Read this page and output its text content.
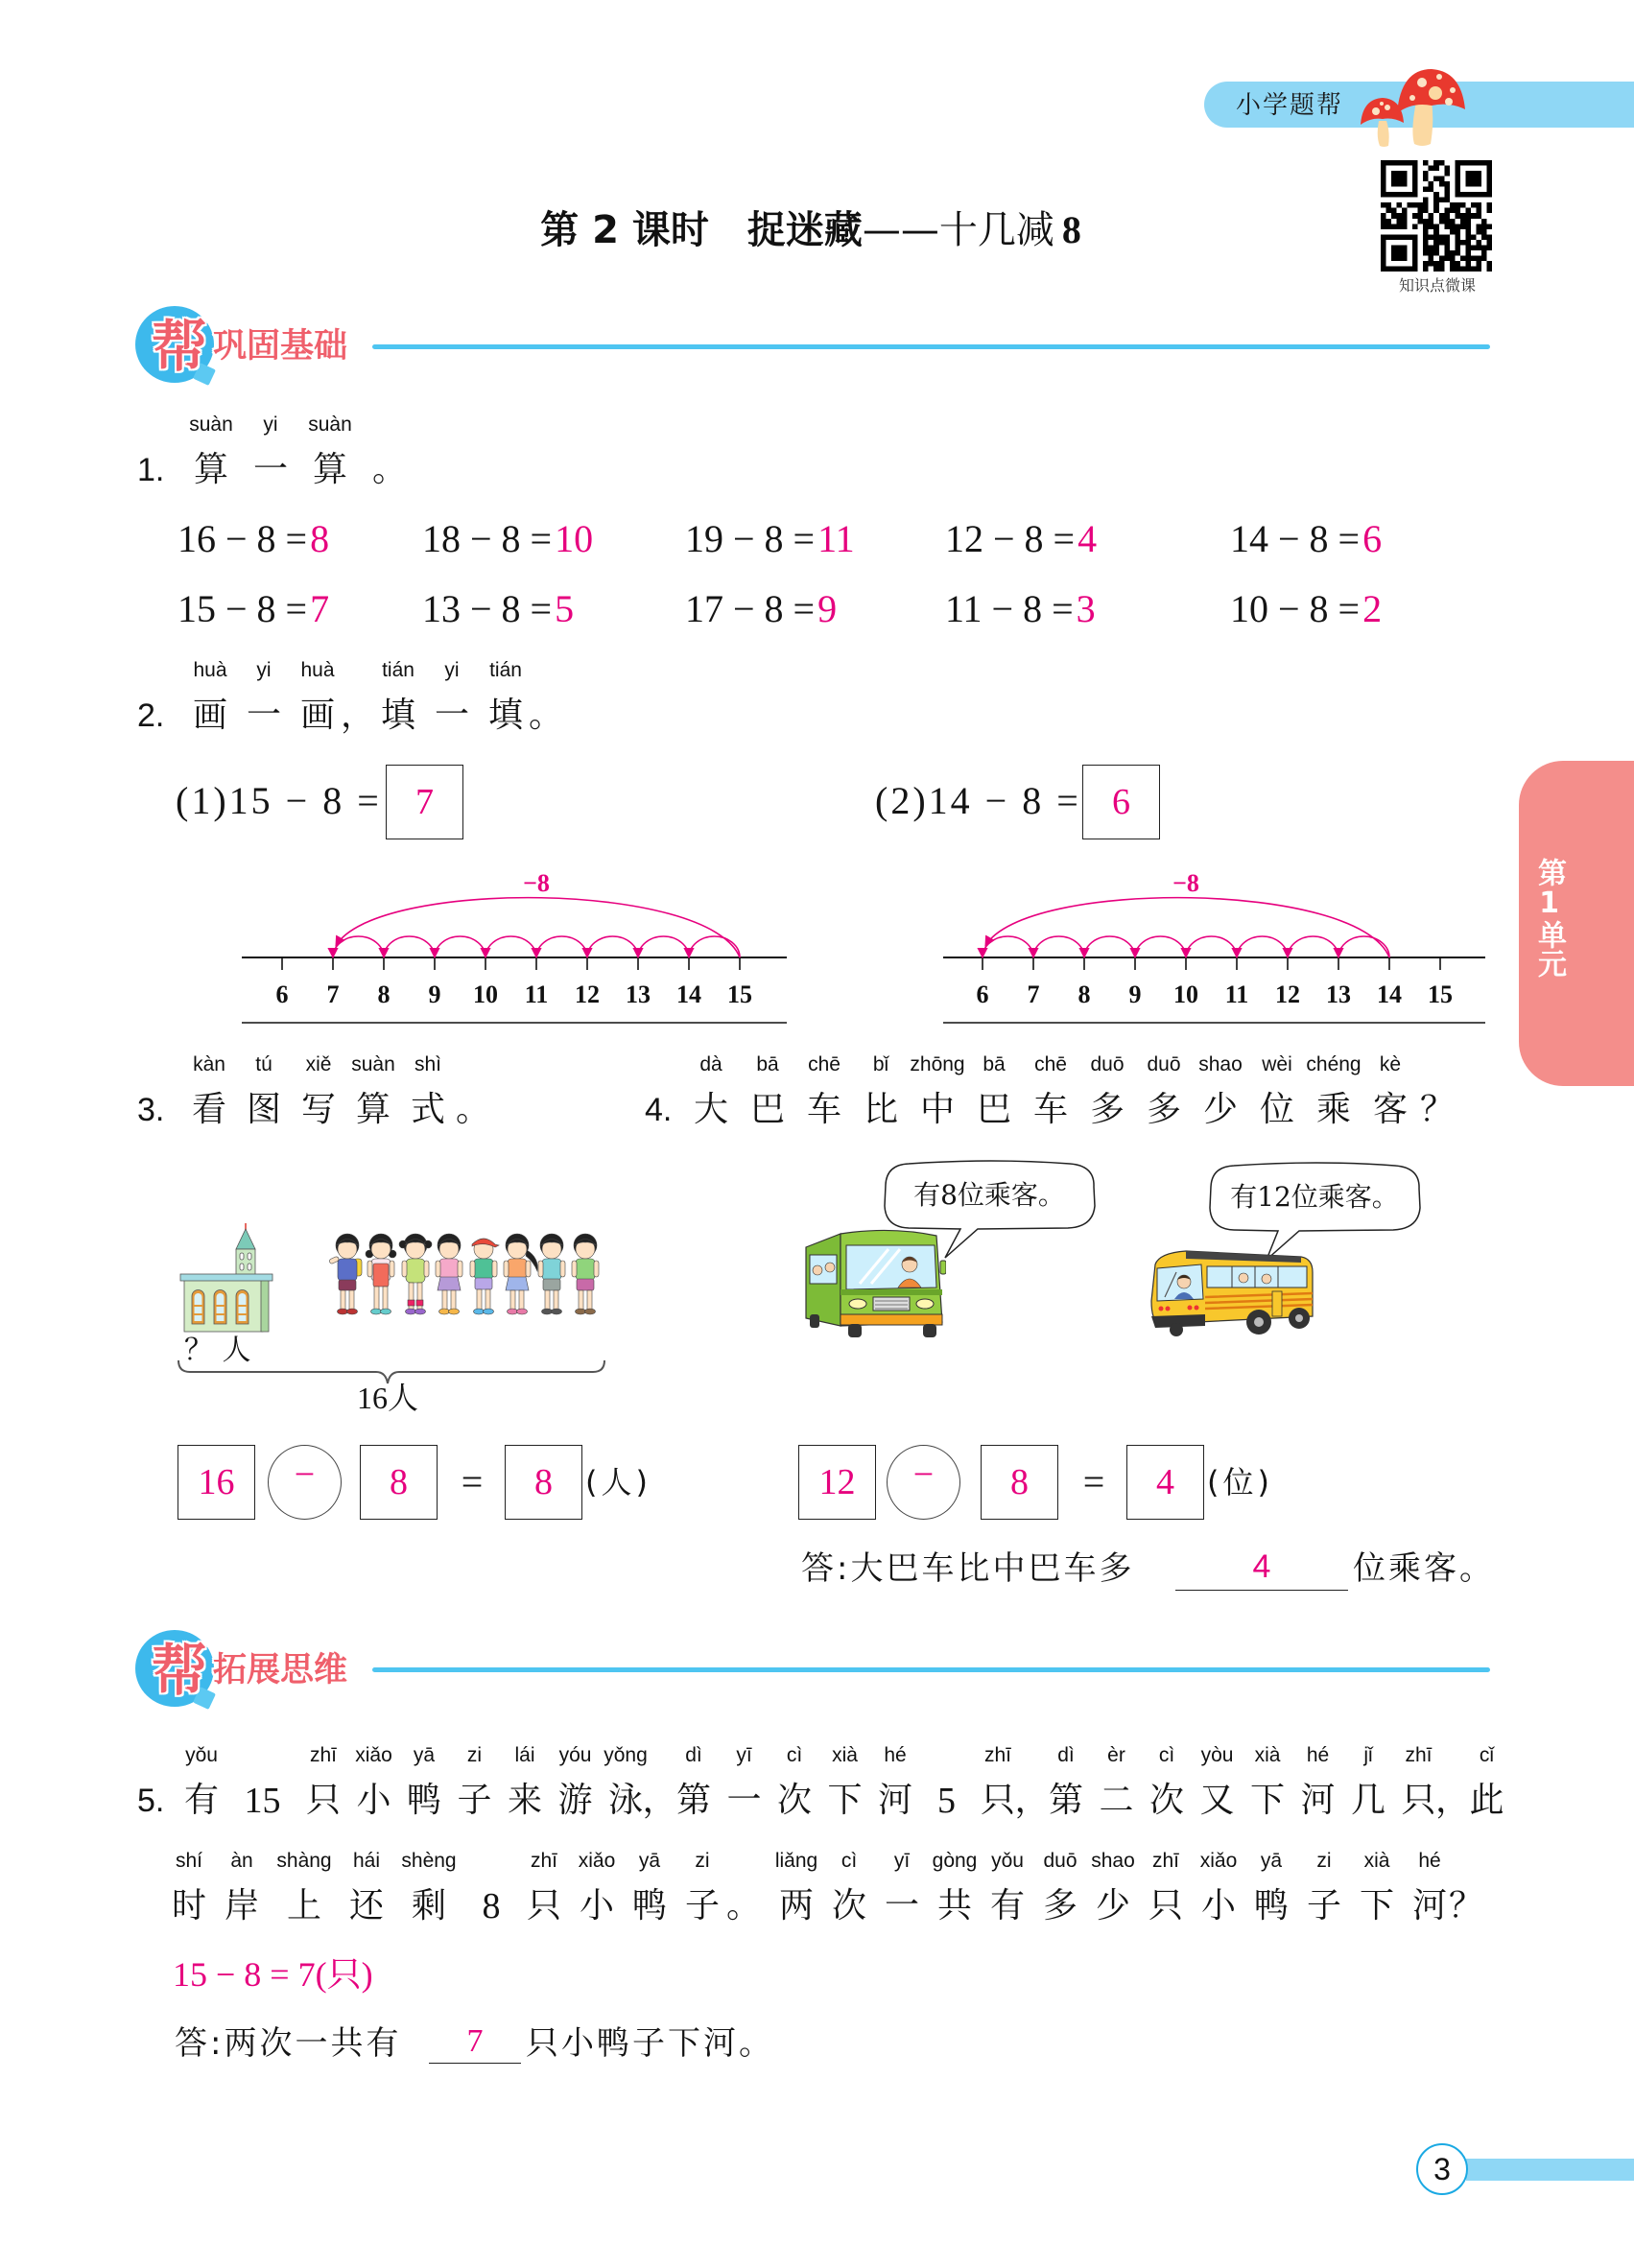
小学题帮
知识点微课
第 2 课时 捉迷藏——十几减 8
第1单元
帮 巩固基础
1.
suàn
算
yi
一
suàn
算 。
16 − 8 =8 18 − 8 =10 19 − 8 =11 12 − 8 =4	14 − 8 =6
15 − 8 =7 13 − 8 =5	17 − 8 =9	11 − 8 =3	10 − 8 =2
2.
huà
画
yi
一
huà
画 ，
tián
填
yi
一
tián
填 。
(1)15 − 8 = 7	(2)14 − 8 = 6
−8
6 7 8 9 10 11 12 13 14 15
−8
6 7 8 9 10 11 12 13 14 15
3.
kàn
看
tú
图
xiě
写
suàn
算
shì
式 。
？ 人
16人
16	−	8	=	8	(人)
4.
dà
大
bā
巴
chē
车
bǐ
比
zhōng
中
bā
巴
chē
车
duō
多
duō
多
shao
少
wèi
位
chéng
乘
kè
客 ？
有8位乘客。	有12位乘客。
12	−	8	=	4	(位)
答:大巴车比中巴车多	4	位乘客。
帮 拓展思维
5.
yǒu
有 15
zhī
只
xiǎo
小
yā
鸭
zi
子
lái
来
yóu
游
yǒng
泳 ，
dì
第
yī
一
cì
次
xià
下
hé
河 5
zhī
只 ，
dì
第
èr
二
cì
次
yòu
又
xià
下
hé
河
jǐ
几
zhī
只 ，
cǐ
此
shí
时
àn
岸
shàng
上
hái
还
shèng
剩 8
zhī
只
xiǎo
小
yā
鸭
zi
子 。
liǎng
两
cì
次
yī
一
gòng
共
yǒu
有
duō
多
shao
少
zhī
只
xiǎo
小
yā
鸭
zi
子
xià
下
hé
河 ？
15 − 8 = 7(只)
答:两次一共有	7	只小鸭子下河。
3
